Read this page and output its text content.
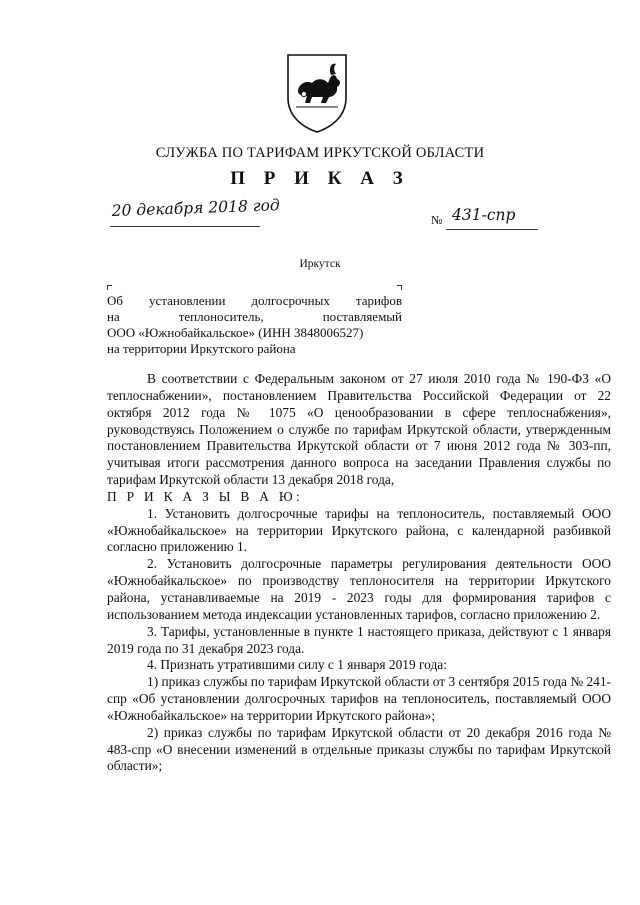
СЛУЖБА ПО ТАРИФАМ ИРКУТСКОЙ ОБЛАСТИ
П Р И К А З
20 декабря 2018 год	№ 431-спр
Иркутск
Об установлении долгосрочных тарифов
на	теплоноситель,	поставляемый
ООО «Южнобайкальское» (ИНН 3848006527)
на территории Иркутского района

В соответствии с Федеральным законом от 27 июля 2010 года № 190-ФЗ «О теплоснабжении», постановлением Правительства Российской Федерации от 22 октября 2012 года № 1075 «О ценообразовании в сфере теплоснабжения», руководствуясь Положением о службе по тарифам Иркутской области, утвержденным постановлением Правительства Иркутской области от 7 июня 2012 года № 303-пп, учитывая итоги рассмотрения данного вопроса на заседании Правления службы по тарифам Иркутской области 13 декабря 2018 года,

П Р И К А З Ы В А Ю:

1. Установить долгосрочные тарифы на теплоноситель, поставляемый ООО «Южнобайкальское» на территории Иркутского района, с календарной разбивкой согласно приложению 1.

2. Установить долгосрочные параметры регулирования деятельности ООО «Южнобайкальское» по производству теплоносителя на территории Иркутского района, устанавливаемые на 2019 - 2023 годы для формирования тарифов с использованием метода индексации установленных тарифов, согласно приложению 2.

3. Тарифы, установленные в пункте 1 настоящего приказа, действуют с 1 января 2019 года по 31 декабря 2023 года.

4. Признать утратившими силу с 1 января 2019 года:

1) приказ службы по тарифам Иркутской области от 3 сентября 2015 года № 241-спр «Об установлении долгосрочных тарифов на теплоноситель, поставляемый ООО «Южнобайкальское» на территории Иркутского района»;

2) приказ службы по тарифам Иркутской области от 20 декабря 2016 года № 483-спр «О внесении изменений в отдельные приказы службы по тарифам Иркутской области»;
